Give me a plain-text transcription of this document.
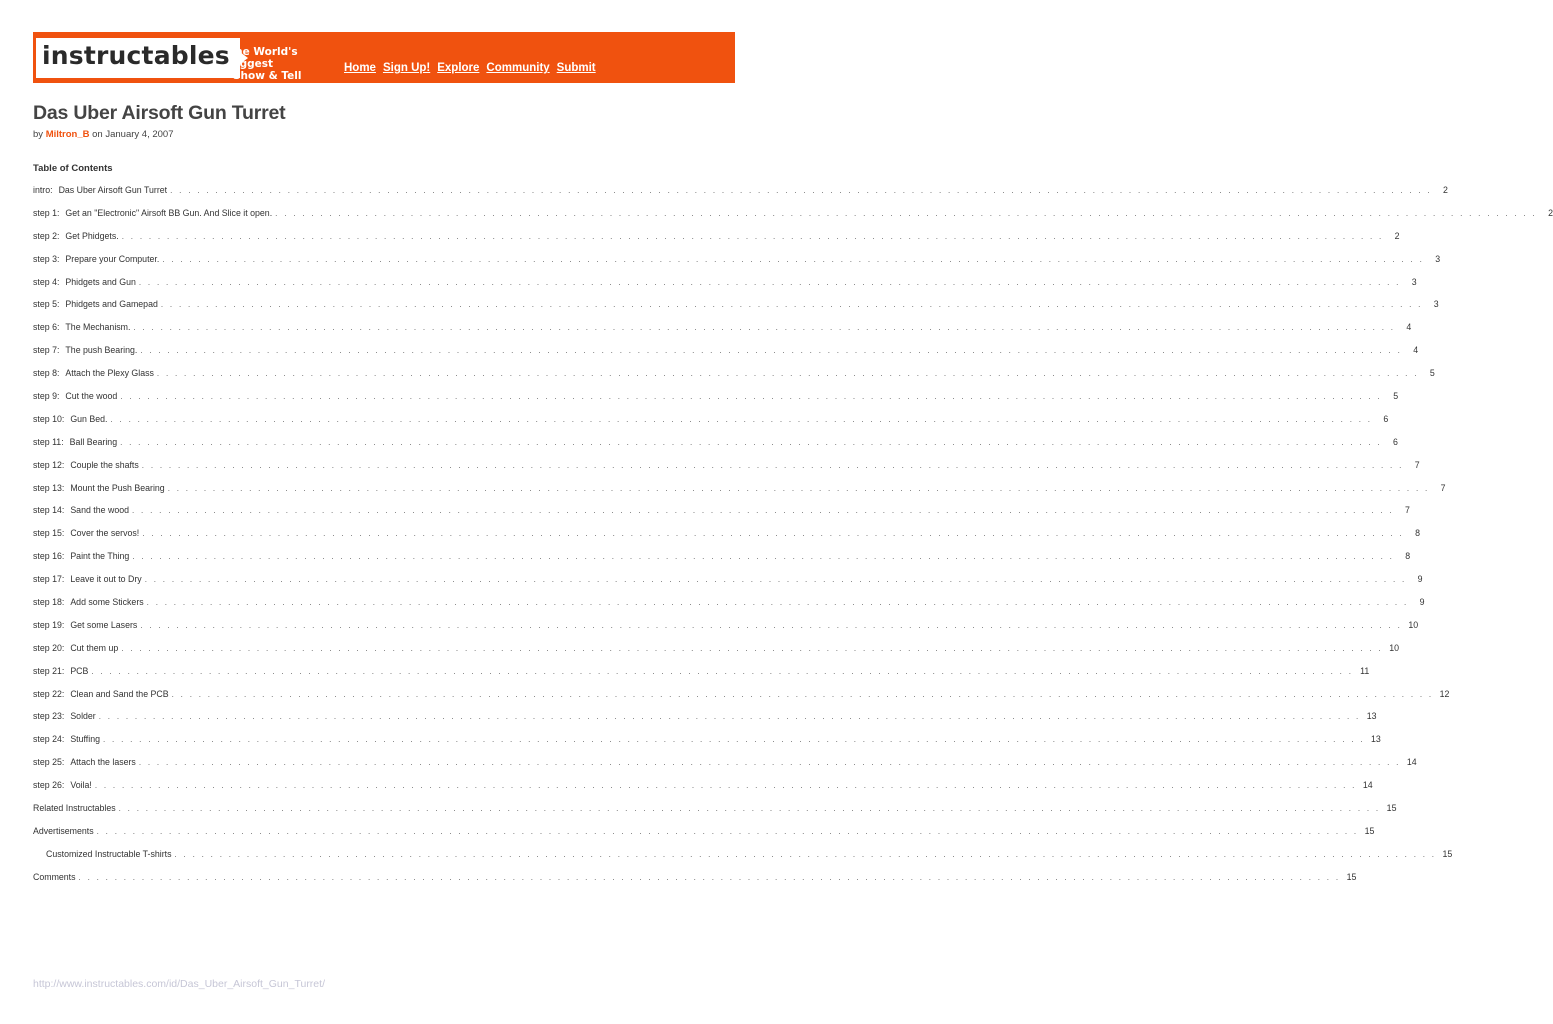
instructables
The World's Biggest
Show & Tell
Home Sign Up! Explore Community Submit
Das Uber Airsoft Gun Turret
by Miltron_B on January 4, 2007
Table of Contents
intro: Das Uber Airsoft Gun Turret . . . . . . . . . . . . . . . . . . . . . . . . . . . . . . . . . . . . . . . . . . . . . . . . . . . . . . . . . . . . . . . . . . . . . . . . . . . . . . . . . . . . . . . . . . . . . . . . . . . . . . . . . . . . . . . . . . . . . . . . . . . . . . . . . . . . . . . . . . . .	2
step 1: Get an "Electronic" Airsoft BB Gun. And Slice it open. . . . . . . . . . . . . . . . . . . . . . . . . . . . . . . . . . . . . . . . . . . . . . . . . . . . . . . . . . . . . . . . . . . . . . . . . . . . . . . . . . . . . . . . . . . . . . . . . . . . . . . . . . . . . . . . . . . . . . . . . . . . . . . . . . . . . . . . . . . . .	2
step 2: Get Phidgets. . . . . . . . . . . . . . . . . . . . . . . . . . . . . . . . . . . . . . . . . . . . . . . . . . . . . . . . . . . . . . . . . . . . . . . . . . . . . . . . . . . . . . . . . . . . . . . . . . . . . . . . . . . . . . . . . . . . . . . . . . . . . . . . . . . . . . . . . . . . .	2
step 3: Prepare your Computer. . . . . . . . . . . . . . . . . . . . . . . . . . . . . . . . . . . . . . . . . . . . . . . . . . . . . . . . . . . . . . . . . . . . . . . . . . . . . . . . . . . . . . . . . . . . . . . . . . . . . . . . . . . . . . . . . . . . . . . . . . . . . . . . . . . . . . . . . . . . .	3
step 4: Phidgets and Gun . . . . . . . . . . . . . . . . . . . . . . . . . . . . . . . . . . . . . . . . . . . . . . . . . . . . . . . . . . . . . . . . . . . . . . . . . . . . . . . . . . . . . . . . . . . . . . . . . . . . . . . . . . . . . . . . . . . . . . . . . . . . . . . . . . . . . . . . . . . .	3
step 5: Phidgets and Gamepad . . . . . . . . . . . . . . . . . . . . . . . . . . . . . . . . . . . . . . . . . . . . . . . . . . . . . . . . . . . . . . . . . . . . . . . . . . . . . . . . . . . . . . . . . . . . . . . . . . . . . . . . . . . . . . . . . . . . . . . . . . . . . . . . . . . . . . . . . . . .	3
step 6: The Mechanism. . . . . . . . . . . . . . . . . . . . . . . . . . . . . . . . . . . . . . . . . . . . . . . . . . . . . . . . . . . . . . . . . . . . . . . . . . . . . . . . . . . . . . . . . . . . . . . . . . . . . . . . . . . . . . . . . . . . . . . . . . . . . . . . . . . . . . . . . . . . .	4
step 7: The push Bearing. . . . . . . . . . . . . . . . . . . . . . . . . . . . . . . . . . . . . . . . . . . . . . . . . . . . . . . . . . . . . . . . . . . . . . . . . . . . . . . . . . . . . . . . . . . . . . . . . . . . . . . . . . . . . . . . . . . . . . . . . . . . . . . . . . . . . . . . . . . . .	4
step 8: Attach the Plexy Glass . . . . . . . . . . . . . . . . . . . . . . . . . . . . . . . . . . . . . . . . . . . . . . . . . . . . . . . . . . . . . . . . . . . . . . . . . . . . . . . . . . . . . . . . . . . . . . . . . . . . . . . . . . . . . . . . . . . . . . . . . . . . . . . . . . . . . . . . . . . .	5
step 9: Cut the wood . . . . . . . . . . . . . . . . . . . . . . . . . . . . . . . . . . . . . . . . . . . . . . . . . . . . . . . . . . . . . . . . . . . . . . . . . . . . . . . . . . . . . . . . . . . . . . . . . . . . . . . . . . . . . . . . . . . . . . . . . . . . . . . . . . . . . . . . . . . .	5
step 10: Gun Bed. . . . . . . . . . . . . . . . . . . . . . . . . . . . . . . . . . . . . . . . . . . . . . . . . . . . . . . . . . . . . . . . . . . . . . . . . . . . . . . . . . . . . . . . . . . . . . . . . . . . . . . . . . . . . . . . . . . . . . . . . . . . . . . . . . . . . . . . . . . . .	6
step 11: Ball Bearing . . . . . . . . . . . . . . . . . . . . . . . . . . . . . . . . . . . . . . . . . . . . . . . . . . . . . . . . . . . . . . . . . . . . . . . . . . . . . . . . . . . . . . . . . . . . . . . . . . . . . . . . . . . . . . . . . . . . . . . . . . . . . . . . . . . . . . . . . . . .	6
step 12: Couple the shafts . . . . . . . . . . . . . . . . . . . . . . . . . . . . . . . . . . . . . . . . . . . . . . . . . . . . . . . . . . . . . . . . . . . . . . . . . . . . . . . . . . . . . . . . . . . . . . . . . . . . . . . . . . . . . . . . . . . . . . . . . . . . . . . . . . . . . . . . . . . .	7
step 13: Mount the Push Bearing . . . . . . . . . . . . . . . . . . . . . . . . . . . . . . . . . . . . . . . . . . . . . . . . . . . . . . . . . . . . . . . . . . . . . . . . . . . . . . . . . . . . . . . . . . . . . . . . . . . . . . . . . . . . . . . . . . . . . . . . . . . . . . . . . . . . . . . . . . . .	7
step 14: Sand the wood . . . . . . . . . . . . . . . . . . . . . . . . . . . . . . . . . . . . . . . . . . . . . . . . . . . . . . . . . . . . . . . . . . . . . . . . . . . . . . . . . . . . . . . . . . . . . . . . . . . . . . . . . . . . . . . . . . . . . . . . . . . . . . . . . . . . . . . . . . . .	7
step 15: Cover the servos! . . . . . . . . . . . . . . . . . . . . . . . . . . . . . . . . . . . . . . . . . . . . . . . . . . . . . . . . . . . . . . . . . . . . . . . . . . . . . . . . . . . . . . . . . . . . . . . . . . . . . . . . . . . . . . . . . . . . . . . . . . . . . . . . . . . . . . . . . . . .	8
step 16: Paint the Thing . . . . . . . . . . . . . . . . . . . . . . . . . . . . . . . . . . . . . . . . . . . . . . . . . . . . . . . . . . . . . . . . . . . . . . . . . . . . . . . . . . . . . . . . . . . . . . . . . . . . . . . . . . . . . . . . . . . . . . . . . . . . . . . . . . . . . . . . . . . .	8
step 17: Leave it out to Dry . . . . . . . . . . . . . . . . . . . . . . . . . . . . . . . . . . . . . . . . . . . . . . . . . . . . . . . . . . . . . . . . . . . . . . . . . . . . . . . . . . . . . . . . . . . . . . . . . . . . . . . . . . . . . . . . . . . . . . . . . . . . . . . . . . . . . . . . . . . .	9
step 18: Add some Stickers . . . . . . . . . . . . . . . . . . . . . . . . . . . . . . . . . . . . . . . . . . . . . . . . . . . . . . . . . . . . . . . . . . . . . . . . . . . . . . . . . . . . . . . . . . . . . . . . . . . . . . . . . . . . . . . . . . . . . . . . . . . . . . . . . . . . . . . . . . . .	9
step 19: Get some Lasers . . . . . . . . . . . . . . . . . . . . . . . . . . . . . . . . . . . . . . . . . . . . . . . . . . . . . . . . . . . . . . . . . . . . . . . . . . . . . . . . . . . . . . . . . . . . . . . . . . . . . . . . . . . . . . . . . . . . . . . . . . . . . . . . . . . . . . . . . . . . 10
step 20: Cut them up . . . . . . . . . . . . . . . . . . . . . . . . . . . . . . . . . . . . . . . . . . . . . . . . . . . . . . . . . . . . . . . . . . . . . . . . . . . . . . . . . . . . . . . . . . . . . . . . . . . . . . . . . . . . . . . . . . . . . . . . . . . . . . . . . . . . . . . . . . . . 10
step 21: PCB . . . . . . . . . . . . . . . . . . . . . . . . . . . . . . . . . . . . . . . . . . . . . . . . . . . . . . . . . . . . . . . . . . . . . . . . . . . . . . . . . . . . . . . . . . . . . . . . . . . . . . . . . . . . . . . . . . . . . . . . . . . . . . . . . . . . . . . . . . . . 11
step 22: Clean and Sand the PCB . . . . . . . . . . . . . . . . . . . . . . . . . . . . . . . . . . . . . . . . . . . . . . . . . . . . . . . . . . . . . . . . . . . . . . . . . . . . . . . . . . . . . . . . . . . . . . . . . . . . . . . . . . . . . . . . . . . . . . . . . . . . . . . . . . . . . . . . . . . . 12
step 23: Solder . . . . . . . . . . . . . . . . . . . . . . . . . . . . . . . . . . . . . . . . . . . . . . . . . . . . . . . . . . . . . . . . . . . . . . . . . . . . . . . . . . . . . . . . . . . . . . . . . . . . . . . . . . . . . . . . . . . . . . . . . . . . . . . . . . . . . . . . . . . . 13
step 24: Stuffing . . . . . . . . . . . . . . . . . . . . . . . . . . . . . . . . . . . . . . . . . . . . . . . . . . . . . . . . . . . . . . . . . . . . . . . . . . . . . . . . . . . . . . . . . . . . . . . . . . . . . . . . . . . . . . . . . . . . . . . . . . . . . . . . . . . . . . . . . . . . 13
step 25: Attach the lasers . . . . . . . . . . . . . . . . . . . . . . . . . . . . . . . . . . . . . . . . . . . . . . . . . . . . . . . . . . . . . . . . . . . . . . . . . . . . . . . . . . . . . . . . . . . . . . . . . . . . . . . . . . . . . . . . . . . . . . . . . . . . . . . . . . . . . . . . . . . . 14
step 26: Voila! . . . . . . . . . . . . . . . . . . . . . . . . . . . . . . . . . . . . . . . . . . . . . . . . . . . . . . . . . . . . . . . . . . . . . . . . . . . . . . . . . . . . . . . . . . . . . . . . . . . . . . . . . . . . . . . . . . . . . . . . . . . . . . . . . . . . . . . . . . . . 14
Related Instructables . . . . . . . . . . . . . . . . . . . . . . . . . . . . . . . . . . . . . . . . . . . . . . . . . . . . . . . . . . . . . . . . . . . . . . . . . . . . . . . . . . . . . . . . . . . . . . . . . . . . . . . . . . . . . . . . . . . . . . . . . . . . . . . . . . . . . . . . . . . . 15
Advertisements . . . . . . . . . . . . . . . . . . . . . . . . . . . . . . . . . . . . . . . . . . . . . . . . . . . . . . . . . . . . . . . . . . . . . . . . . . . . . . . . . . . . . . . . . . . . . . . . . . . . . . . . . . . . . . . . . . . . . . . . . . . . . . . . . . . . . . . . . . . . 15
Customized Instructable T-shirts . . . . . . . . . . . . . . . . . . . . . . . . . . . . . . . . . . . . . . . . . . . . . . . . . . . . . . . . . . . . . . . . . . . . . . . . . . . . . . . . . . . . . . . . . . . . . . . . . . . . . . . . . . . . . . . . . . . . . . . . . . . . . . . . . . . . . . . . . . . . 15
Comments . . . . . . . . . . . . . . . . . . . . . . . . . . . . . . . . . . . . . . . . . . . . . . . . . . . . . . . . . . . . . . . . . . . . . . . . . . . . . . . . . . . . . . . . . . . . . . . . . . . . . . . . . . . . . . . . . . . . . . . . . . . . . . . . . . . . . . . . . . . . 15
http://www.instructables.com/id/Das_Uber_Airsoft_Gun_Turret/
